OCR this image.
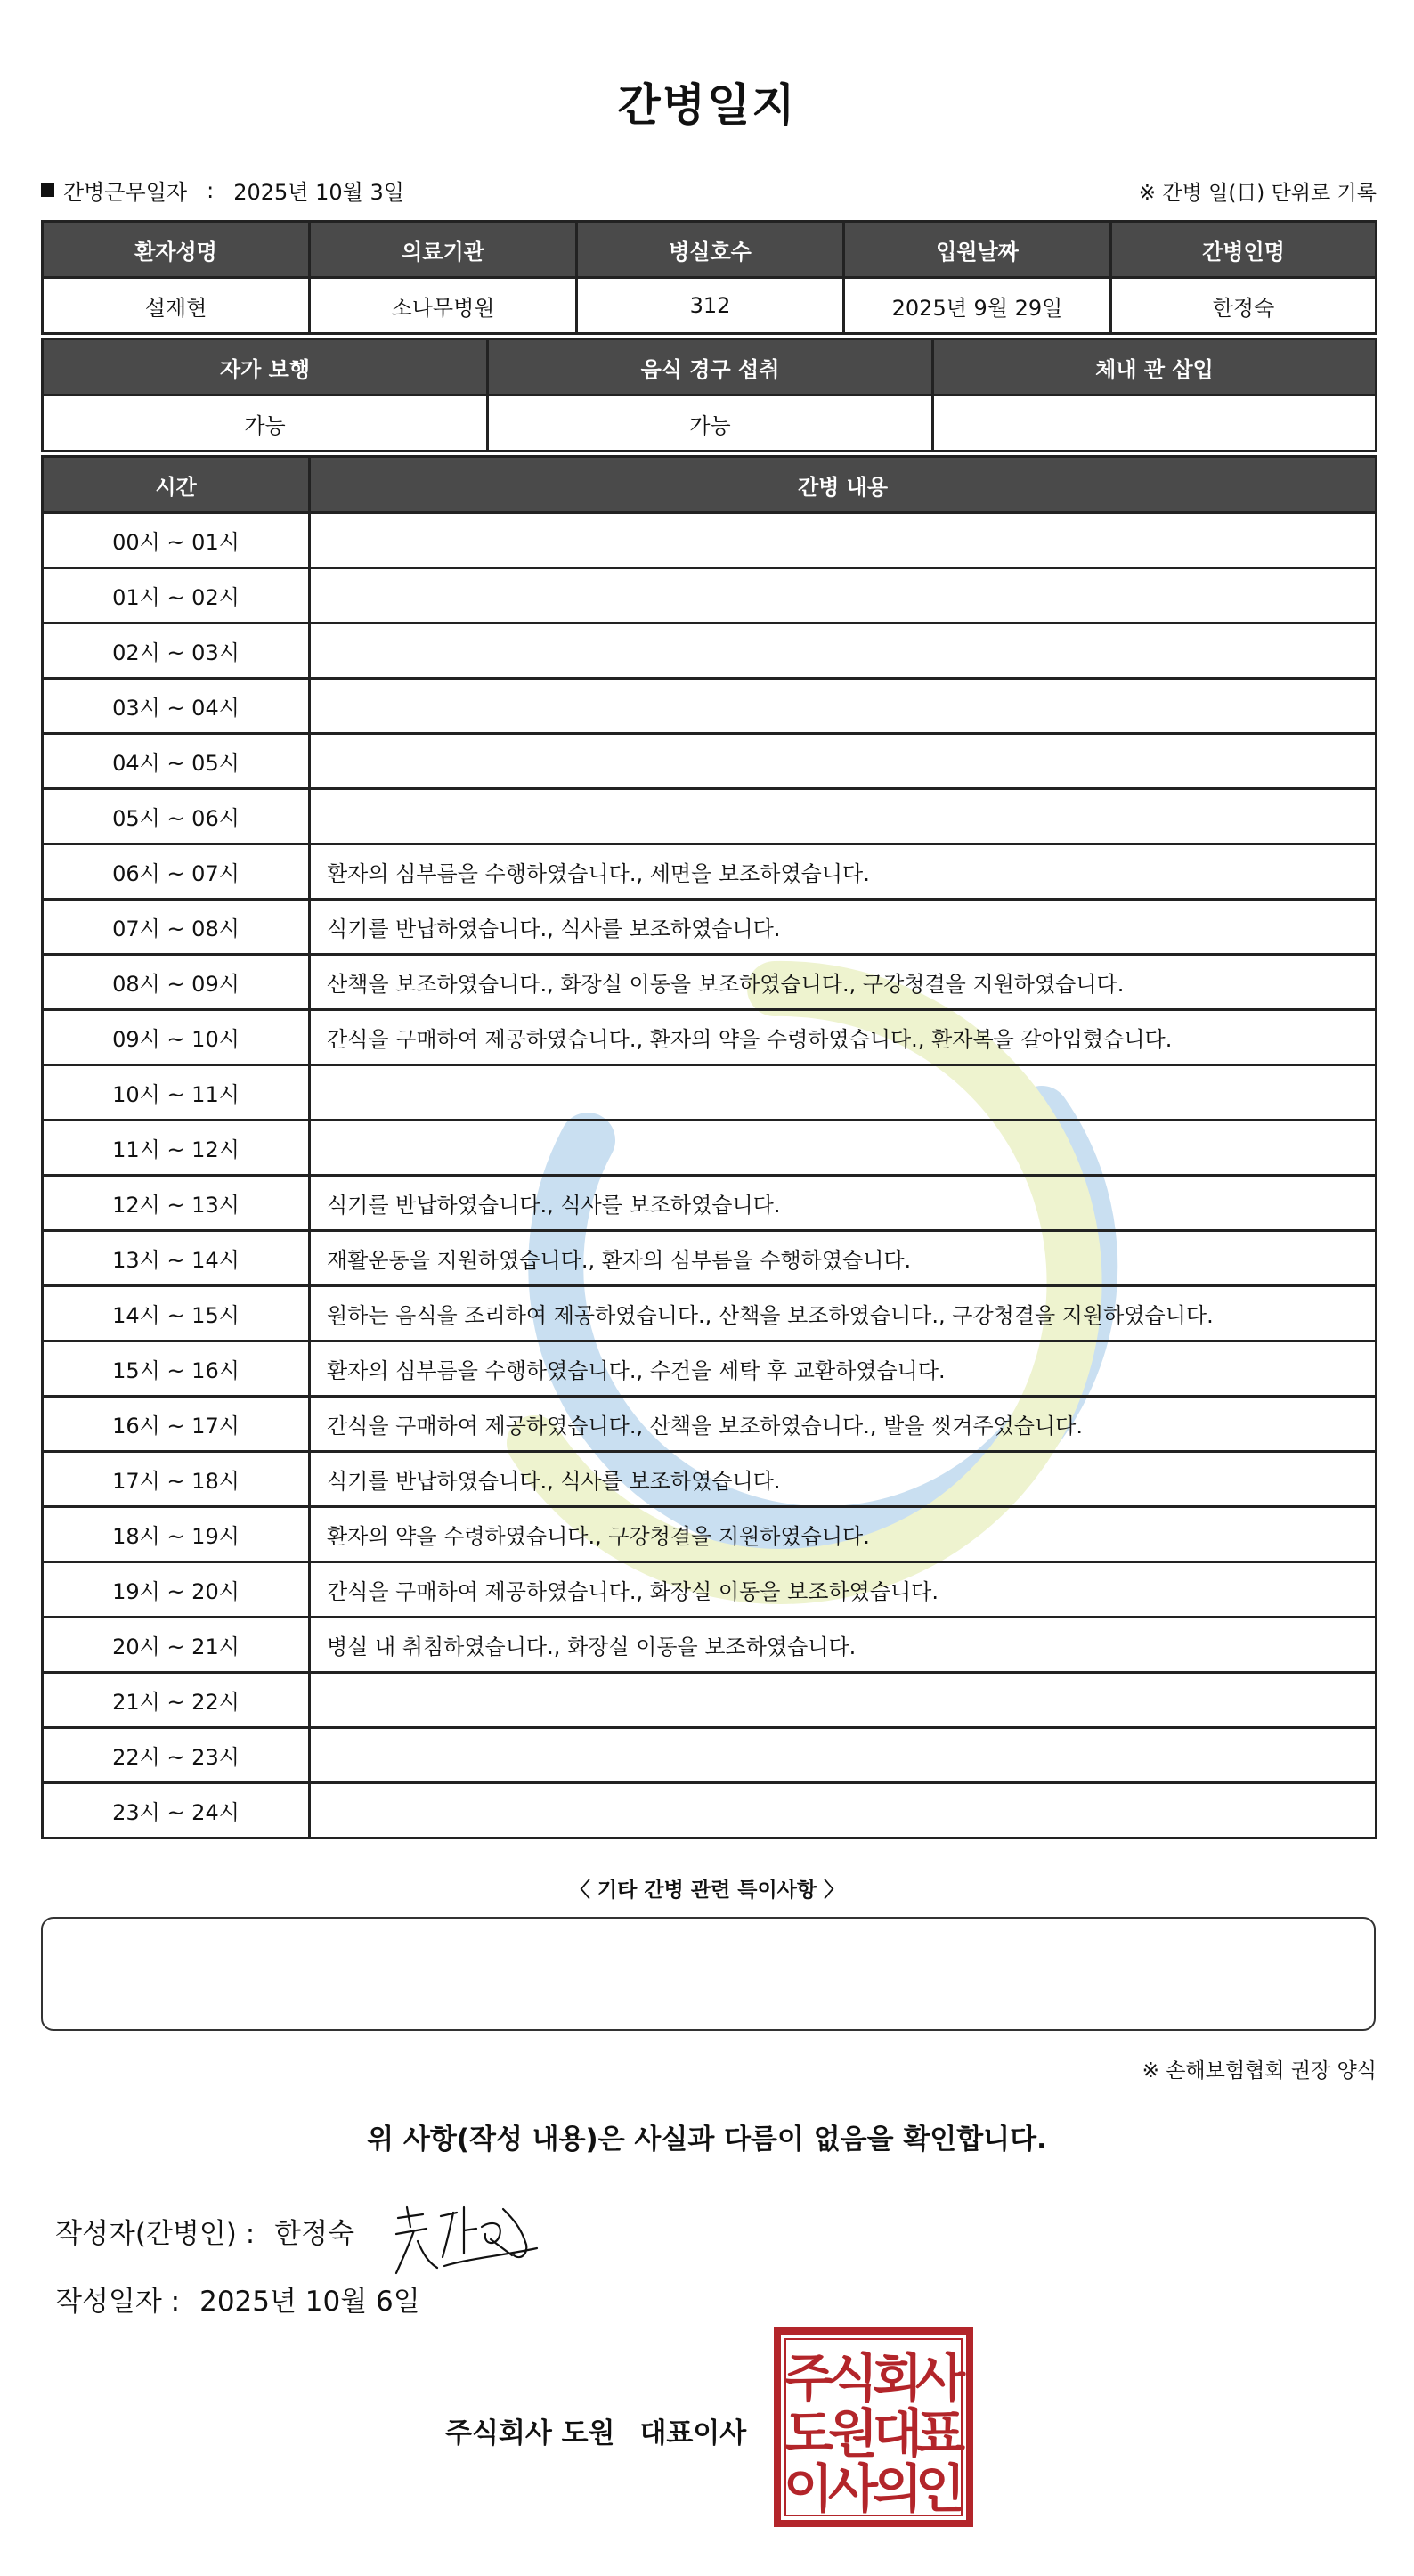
간병일지
간병근무일자 : 2025년 10월 3일	※ 간병 일(日) 단위로 기록
환자성명	의료기관	병실호수	입원날짜	간병인명
설재현	소나무병원	312	2025년 9월 29일	한정숙
자가 보행	음식 경구 섭취	체내 관 삽입
가능	가능	
시간	간병 내용
00시 ~ 01시	
01시 ~ 02시	
02시 ~ 03시	
03시 ~ 04시	
04시 ~ 05시	
05시 ~ 06시	
06시 ~ 07시	환자의 심부름을 수행하였습니다., 세면을 보조하였습니다.
07시 ~ 08시	식기를 반납하였습니다., 식사를 보조하였습니다.
08시 ~ 09시	산책을 보조하였습니다., 화장실 이동을 보조하였습니다., 구강청결을 지원하였습니다.
09시 ~ 10시	간식을 구매하여 제공하였습니다., 환자의 약을 수령하였습니다., 환자복을 갈아입혔습니다.
10시 ~ 11시	
11시 ~ 12시	
12시 ~ 13시	식기를 반납하였습니다., 식사를 보조하였습니다.
13시 ~ 14시	재활운동을 지원하였습니다., 환자의 심부름을 수행하였습니다.
14시 ~ 15시	원하는 음식을 조리하여 제공하였습니다., 산책을 보조하였습니다., 구강청결을 지원하였습니다.
15시 ~ 16시	환자의 심부름을 수행하였습니다., 수건을 세탁 후 교환하였습니다.
16시 ~ 17시	간식을 구매하여 제공하였습니다., 산책을 보조하였습니다., 발을 씻겨주었습니다.
17시 ~ 18시	식기를 반납하였습니다., 식사를 보조하였습니다.
18시 ~ 19시	환자의 약을 수령하였습니다., 구강청결을 지원하였습니다.
19시 ~ 20시	간식을 구매하여 제공하였습니다., 화장실 이동을 보조하였습니다.
20시 ~ 21시	병실 내 취침하였습니다., 화장실 이동을 보조하였습니다.
21시 ~ 22시	
22시 ~ 23시	
23시 ~ 24시	
〈 기타 간병 관련 특이사항 〉
※ 손해보험협회 권장 양식
위 사항(작성 내용)은 사실과 다름이 없음을 확인합니다.
작성자(간병인) : 한정숙
작성일자 : 2025년 10월 6일
주식회사 도원 대표이사
주
식
회
사
도
원
대
표
이
사
의
인
